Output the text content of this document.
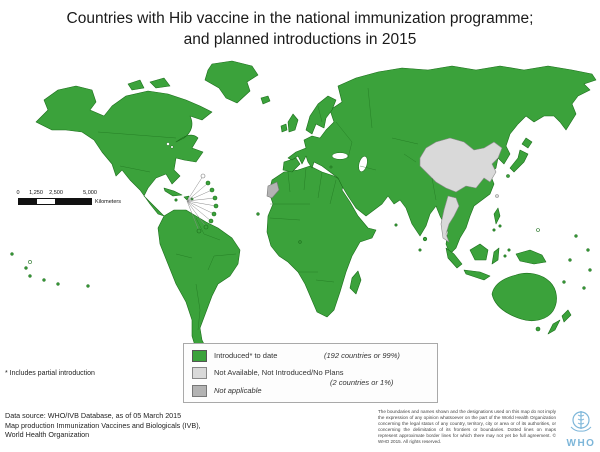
Countries with Hib vaccine in the national immunization programme;
and planned introductions in 2015
0 1,250 2,500	5,000
Kilometers
* Includes partial introduction
Introduced* to date	(192 countries or 99%)
Not Available, Not Introduced/No Plans
(2 countries or 1%)
Not applicable
Data source: WHO/IVB Database, as of 05 March 2015
Map production Immunization Vaccines and Biologicals (IVB),
World Health Organization
The boundaries and names shown and the designations used on this map do not imply the expression of any opinion whatsoever on the part of the World Health Organization concerning the legal status of any country, territory, city or area or of its authorities, or concerning the delimitation of its frontiers or boundaries. Dotted lines on maps represent approximate border lines for which there may not yet be full agreement. © WHO 2015. All rights reserved.	WHO
